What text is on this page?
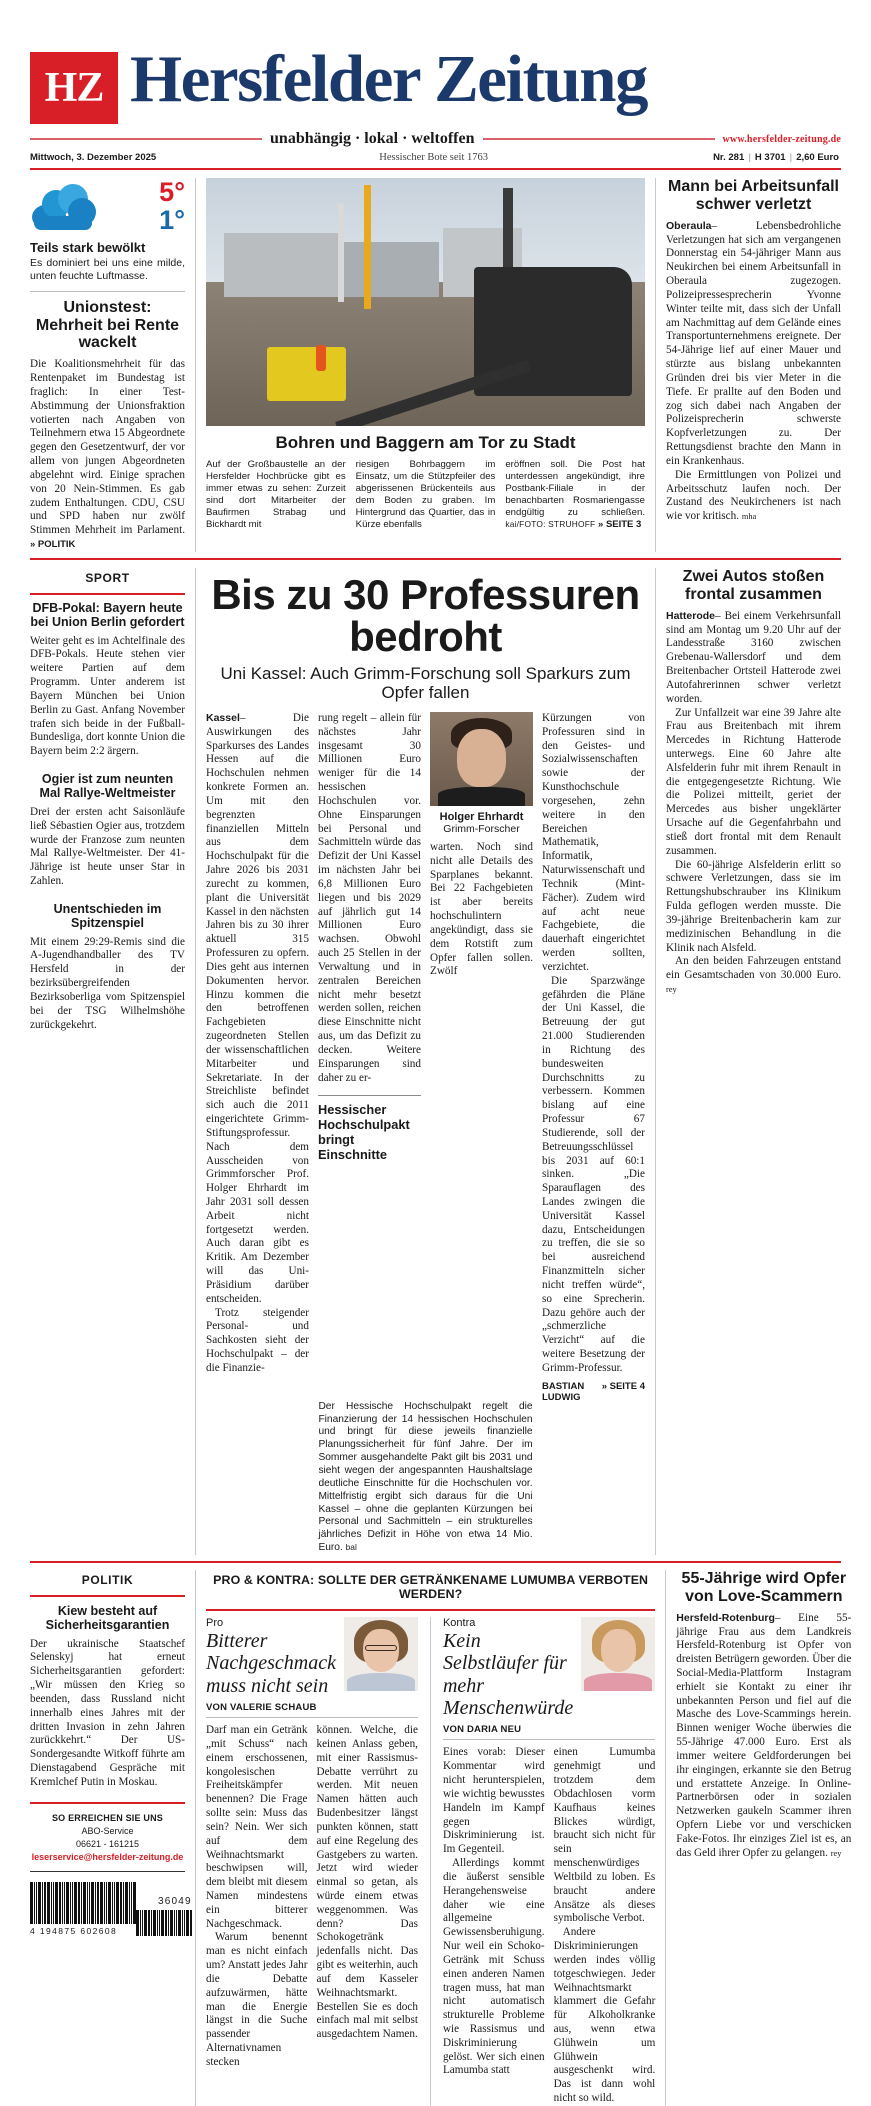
HZ Hersfelder Zeitung
unabhängig · lokal · weltoffen	www.hersfelder-zeitung.de
Mittwoch, 3. Dezember 2025	Hessischer Bote seit 1763	Nr. 281 | H 3701 | 2,60 Euro
5°
1°
Teils stark bewölkt
Es dominiert bei uns eine milde, unten feuchte Luftmasse.
Unionstest: Mehrheit bei Rente wackelt

Die Koalitionsmehrheit für das Rentenpaket im Bundestag ist fraglich: In einer Test-Abstimmung der Unionsfraktion votierten nach Angaben von Teilnehmern etwa 15 Abgeordnete gegen den Gesetzentwurf, der vor allem von jungen Abgeordneten abgelehnt wird. Einige sprachen von 20 Nein-Stimmen. Es gab zudem Enthaltungen. CDU, CSU und SPD haben nur zwölf Stimmen Mehrheit im Parlament. » POLITIK

Bohren und Baggern am Tor zu Stadt
Auf der Großbaustelle an der Hersfelder Hochbrücke gibt es immer etwas zu sehen: Zurzeit sind dort Mitarbeiter der Baufirmen Strabag und Bickhardt mit
riesigen Bohrbaggern im Einsatz, um die Stützpfeiler des abgerissenen Brückenteils aus dem Boden zu graben. Im Hintergrund das Quartier, das in Kürze ebenfalls
eröffnen soll. Die Post hat unterdessen angekündigt, ihre Postbank-Filiale in der benachbarten Rosmariengasse endgültig zu schließen. kai/FOTO: STRUHOFF » SEITE 3
Mann bei Arbeitsunfall schwer verletzt

Oberaula– Lebensbedrohliche Verletzungen hat sich am vergangenen Donnerstag ein 54-jähriger Mann aus Neukirchen bei einem Arbeitsunfall in Oberaula zugezogen. Polizeipressesprecherin Yvonne Winter teilte mit, dass sich der Unfall am Nachmittag auf dem Gelände eines Transportunternehmens ereignete. Der 54-Jährige lief auf einer Mauer und stürzte aus bislang unbekannten Gründen drei bis vier Meter in die Tiefe. Er prallte auf den Boden und zog sich dabei nach Angaben der Polizeisprecherin schwerste Kopfverletzungen zu. Der Rettungsdienst brachte den Mann in ein Krankenhaus.

Die Ermittlungen von Polizei und Arbeitsschutz laufen noch. Der Zustand des Neukircheners ist nach wie vor kritisch. mha

SPORT
DFB-Pokal: Bayern heute bei Union Berlin gefordert
Weiter geht es im Achtelfinale des DFB-Pokals. Heute stehen vier weitere Partien auf dem Programm. Unter anderem ist Bayern München bei Union Berlin zu Gast. Anfang November trafen sich beide in der Fußball-Bundesliga, dort konnte Union die Bayern beim 2:2 ärgern.
Ogier ist zum neunten Mal Rallye-Weltmeister
Drei der ersten acht Saisonläufe ließ Sébastien Ogier aus, trotzdem wurde der Franzose zum neunten Mal Rallye-Weltmeister. Der 41-Jährige ist heute unser Star in Zahlen.
Unentschieden im Spitzenspiel
Mit einem 29:29-Remis sind die A-Jugendhandballer des TV Hersfeld in der bezirksübergreifenden Bezirksoberliga vom Spitzenspiel bei der TSG Wilhelmshöhe zurückgekehrt.
Bis zu 30 Professuren bedroht
Uni Kassel: Auch Grimm-Forschung soll Sparkurs zum Opfer fallen

Kassel– Die Auswirkungen des Sparkurses des Landes Hessen auf die Hochschulen nehmen konkrete Formen an. Um mit den begrenzten finanziellen Mitteln aus dem Hochschulpakt für die Jahre 2026 bis 2031 zurecht zu kommen, plant die Universität Kassel in den nächsten Jahren bis zu 30 ihrer aktuell 315 Professuren zu opfern. Dies geht aus internen Dokumenten hervor. Hinzu kommen die den betroffenen Fachgebieten zugeordneten Stellen der wissenschaftlichen Mitarbeiter und Sekretariate. In der Streichliste befindet sich auch die 2011 eingerichtete Grimm-Stiftungsprofessur. Nach dem Ausscheiden von Grimmforscher Prof. Holger Ehrhardt im Jahr 2031 soll dessen Arbeit nicht fortgesetzt werden. Auch daran gibt es Kritik. Am Dezember will das Uni-Präsidium darüber entscheiden.

Trotz steigender Personal- und Sachkosten sieht der Hochschulpakt – der die Finanzie-

rung regelt – allein für nächstes Jahr insgesamt 30 Millionen Euro weniger für die 14 hessischen Hochschulen vor. Ohne Einsparungen bei Personal und Sachmitteln würde das Defizit der Uni Kassel im nächsten Jahr bei 6,8 Millionen Euro liegen und bis 2029 auf jährlich gut 14 Millionen Euro wachsen. Obwohl auch 25 Stellen in der Verwaltung und in zentralen Bereichen nicht mehr besetzt werden sollen, reichen diese Einschnitte nicht aus, um das Defizit zu decken. Weitere Einsparungen sind daher zu er-

Hessischer Hochschulpakt bringt Einschnitte
Holger Ehrhardt
Grimm-Forscher

warten. Noch sind nicht alle Details des Sparplanes bekannt. Bei 22 Fachgebieten ist aber bereits hochschulintern angekündigt, dass sie dem Rotstift zum Opfer fallen sollen. Zwölf

Kürzungen von Professuren sind in den Geistes- und Sozialwissenschaften sowie der Kunsthochschule vorgesehen, zehn weitere in den Bereichen Mathematik, Informatik, Naturwissenschaft und Technik (Mint-Fächer). Zudem wird auf acht neue Fachgebiete, die dauerhaft eingerichtet werden sollten, verzichtet.

Die Sparzwänge gefährden die Pläne der Uni Kassel, die Betreuung der gut 21.000 Studierenden in Richtung des bundesweiten Durchschnitts zu verbessern. Kommen bislang auf eine Professur 67 Studierende, soll der Betreuungsschlüssel bis 2031 auf 60:1 sinken. „Die Sparauflagen des Landes zwingen die Universität Kassel dazu, Entscheidungen zu treffen, die sie so bei ausreichend Finanzmitteln sicher nicht treffen würde“, so eine Sprecherin. Dazu gehöre auch der „schmerzliche Verzicht“ auf die weitere Besetzung der Grimm-Professur.

BASTIAN LUDWIG
» SEITE 4
Der Hessische Hochschulpakt regelt die Finanzierung der 14 hessischen Hochschulen und bringt für diese jeweils finanzielle Planungssicherheit für fünf Jahre. Der im Sommer ausgehandelte Pakt gilt bis 2031 und sieht wegen der angespannten Haushaltslage deutliche Einschnitte für die Hochschulen vor. Mittelfristig ergibt sich daraus für die Uni Kassel – ohne die geplanten Kürzungen bei Personal und Sachmitteln – ein strukturelles jährliches Defizit in Höhe von etwa 14 Mio. Euro. bal
Zwei Autos stoßen frontal zusammen

Hatterode– Bei einem Verkehrsunfall sind am Montag um 9.20 Uhr auf der Landesstraße 3160 zwischen Grebenau-Wallersdorf und dem Breitenbacher Ortsteil Hatterode zwei Autofahrerinnen schwer verletzt worden.

Zur Unfallzeit war eine 39 Jahre alte Frau aus Breitenbach mit ihrem Mercedes in Richtung Hatterode unterwegs. Eine 60 Jahre alte Alsfelderin fuhr mit ihrem Renault in die entgegengesetzte Richtung. Wie die Polizei mitteilt, geriet der Mercedes aus bisher ungeklärter Ursache auf die Gegenfahrbahn und stieß dort frontal mit dem Renault zusammen.

Die 60-jährige Alsfelderin erlitt so schwere Verletzungen, dass sie im Rettungshubschrauber ins Klinikum Fulda geflogen werden musste. Die 39-jährige Breitenbacherin kam zur medizinischen Behandlung in die Klinik nach Alsfeld.

An den beiden Fahrzeugen entstand ein Gesamtschaden von 30.000 Euro. rey

POLITIK
Kiew besteht auf Sicherheitsgarantien
Der ukrainische Staatschef Selenskyj hat erneut Sicherheitsgarantien gefordert: „Wir müssen den Krieg so beenden, dass Russland nicht innerhalb eines Jahres mit der dritten Invasion in zehn Jahren zurückkehrt.“ Der US-Sondergesandte Witkoff führte am Dienstagabend Gespräche mit Kremlchef Putin in Moskau.
SO ERREICHEN SIE UNS
ABO-Service
06621 - 161215
leserservice@hersfelder-zeitung.de
4 194875 602608
36049
PRO & KONTRA: SOLLTE DER GETRÄNKENAME LUMUMBA VERBOTEN WERDEN?
Pro
Bitterer Nachgeschmack muss nicht sein
VON VALERIE SCHAUB

Darf man ein Getränk „mit Schuss“ nach einem erschossenen, kongolesischen Freiheitskämpfer benennen? Die Frage sollte sein: Muss das sein? Nein. Wer sich auf dem Weihnachtsmarkt beschwipsen will, dem bleibt mit diesem Namen mindestens ein bitterer Nachgeschmack.

Warum benennt man es nicht einfach um? Anstatt jedes Jahr die Debatte aufzuwärmen, hätte man die Energie längst in die Suche passender Alternativnamen stecken

können. Welche, die keinen Anlass geben, mit einer Rassismus-Debatte verrührt zu werden. Mit neuen Namen hätten auch Budenbesitzer längst punkten können, statt auf eine Regelung des Gastgebers zu warten. Jetzt wird wieder einmal so getan, als würde einem etwas weggenommen. Was denn? Das Schokogetränk jedenfalls nicht. Das gibt es weiterhin, auch auf dem Kasseler Weihnachtsmarkt. Bestellen Sie es doch einfach mal mit selbst ausgedachtem Namen.

Kontra
Kein Selbstläufer für mehr Menschenwürde
VON DARIA NEU

Eines vorab: Dieser Kommentar wird nicht herunterspielen, wie wichtig bewusstes Handeln im Kampf gegen Diskriminierung ist. Im Gegenteil.

Allerdings kommt die äußerst sensible Herangehensweise daher wie eine allgemeine Gewissensberuhigung. Nur weil ein Schoko-Getränk mit Schuss einen anderen Namen tragen muss, hat man nicht automatisch strukturelle Probleme wie Rassismus und Diskriminierung gelöst. Wer sich einen Lamumba statt

einen Lumumba genehmigt und trotzdem dem Obdachlosen vorm Kaufhaus keines Blickes würdigt, braucht sich nicht für sein menschenwürdiges Weltbild zu loben. Es braucht andere Ansätze als dieses symbolische Verbot.

Andere Diskriminierungen werden indes völlig totgeschwiegen. Jeder Weihnachtsmarkt klammert die Gefahr für Alkoholkranke aus, wenn etwa Glühwein um Glühwein ausgeschenkt wird. Das ist dann wohl nicht so wild.

55-Jährige wird Opfer von Love-Scammern

Hersfeld-Rotenburg– Eine 55-jährige Frau aus dem Landkreis Hersfeld-Rotenburg ist Opfer von dreisten Betrügern geworden. Über die Social-Media-Plattform Instagram erhielt sie Kontakt zu einer ihr unbekannten Person und fiel auf die Masche des Love-Scammings herein. Binnen weniger Woche überwies die 55-Jährige 47.000 Euro. Erst als immer weitere Geldforderungen bei ihr eingingen, erkannte sie den Betrug und erstattete Anzeige. In Online-Partnerbörsen oder in sozialen Netzwerken gaukeln Scammer ihren Opfern Liebe vor und verschicken Fake-Fotos. Ihr einziges Ziel ist es, an das Geld ihrer Opfer zu gelangen. rey
